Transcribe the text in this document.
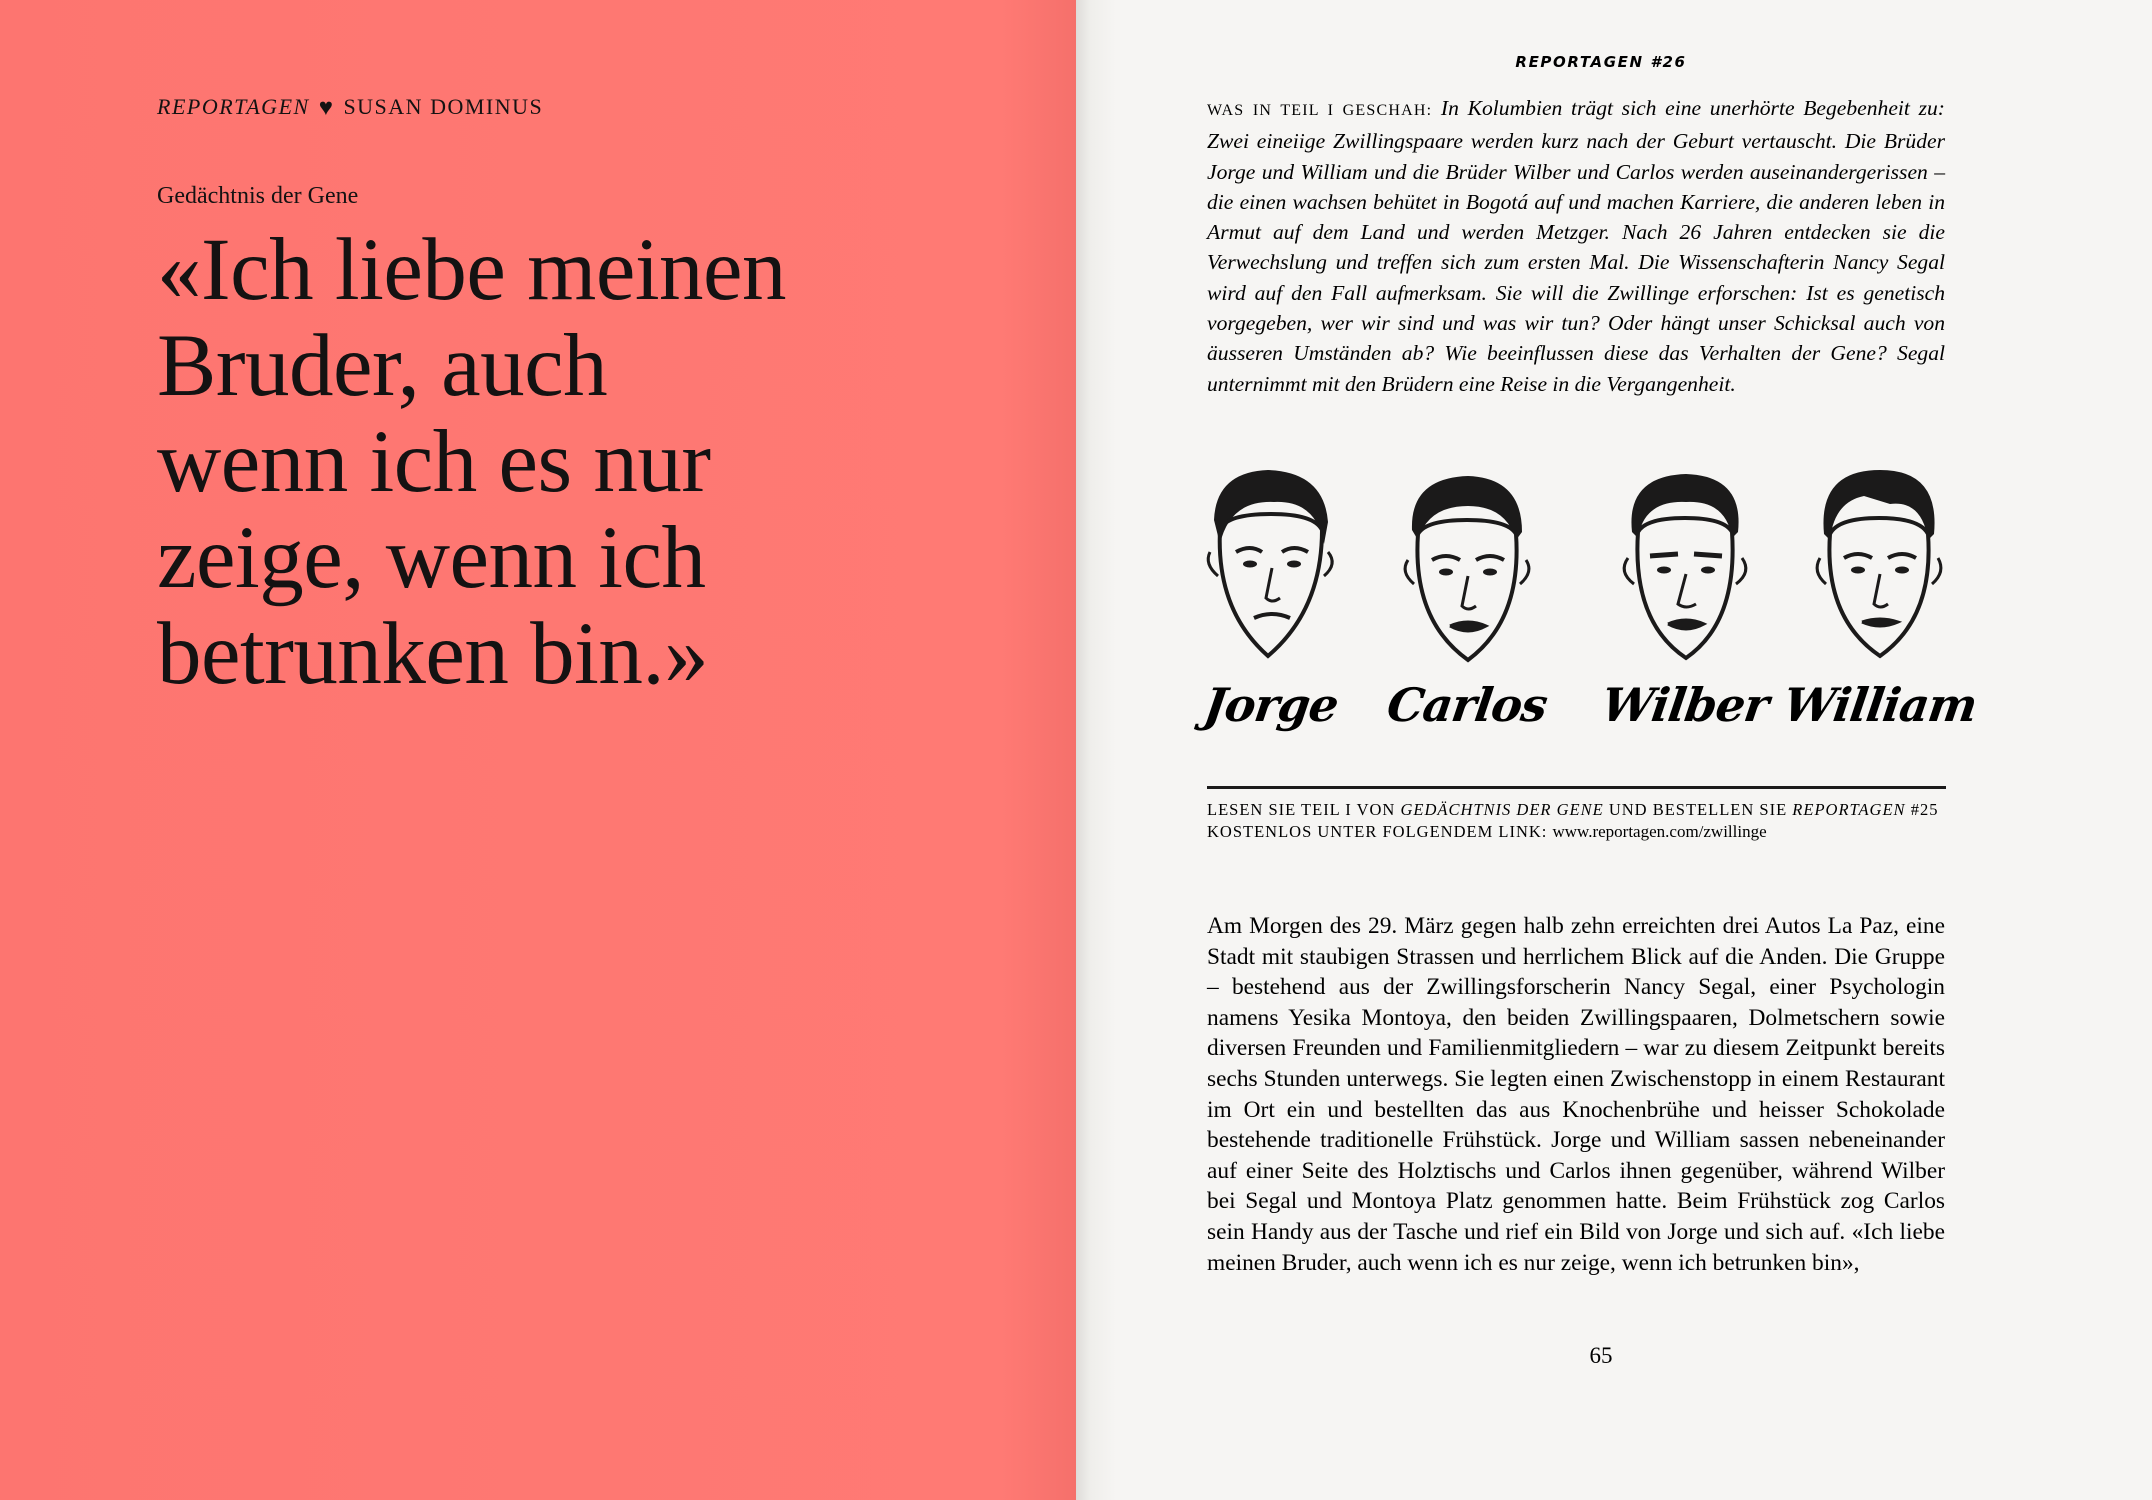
REPORTAGEN ♥ SUSAN DOMINUS
Gedächtnis der Gene
«Ich liebe meinen
Bruder, auch
wenn ich es nur
zeige, wenn ich
betrunken bin.»
REPORTAGEN #26

WAS IN TEIL I GESCHAH: In Kolumbien trägt sich eine unerhörte Begebenheit zu: Zwei eineiige Zwillingspaare werden kurz nach der Geburt vertauscht. Die Brüder Jorge und William und die Brüder Wilber und Carlos werden auseinandergerissen – die einen wachsen behütet in Bogotá auf und machen Karriere, die anderen leben in Armut auf dem Land und werden Metzger. Nach 26 Jahren entdecken sie die Verwechslung und treffen sich zum ersten Mal. Die Wissenschafterin Nancy Segal wird auf den Fall aufmerksam. Sie will die Zwillinge erforschen: Ist es genetisch vorgegeben, wer wir sind und was wir tun? Oder hängt unser Schicksal auch von äusseren Umständen ab? Wie beeinflussen diese das Verhalten der Gene? Segal unternimmt mit den Brüdern eine Reise in die Vergangenheit.

Jorge Carlos	Wilber William
LESEN SIE TEIL I VON GEDÄCHTNIS DER GENE UND BESTELLEN SIE REPORTAGEN #25
KOSTENLOS UNTER FOLGENDEM LINK: www.reportagen.com/zwillinge

Am Morgen des 29. März gegen halb zehn erreichten drei Autos La Paz, eine Stadt mit staubigen Strassen und herrlichem Blick auf die Anden. Die Gruppe – bestehend aus der Zwillingsforscherin Nancy Segal, einer Psychologin namens Yesika Montoya, den beiden Zwillingspaaren, Dolmetschern sowie diversen Freunden und Familienmitgliedern – war zu diesem Zeitpunkt bereits sechs Stunden unterwegs. Sie legten einen Zwischenstopp in einem Restaurant im Ort ein und bestellten das aus Knochenbrühe und heisser Schokolade bestehende traditionelle Frühstück. Jorge und William sassen nebeneinander auf einer Seite des Holztischs und Carlos ihnen gegenüber, während Wilber bei Segal und Montoya Platz genommen hatte. Beim Frühstück zog Carlos sein Handy aus der Tasche und rief ein Bild von Jorge und sich auf. «Ich liebe meinen Bruder, auch wenn ich es nur zeige, wenn ich betrunken bin»,

65
